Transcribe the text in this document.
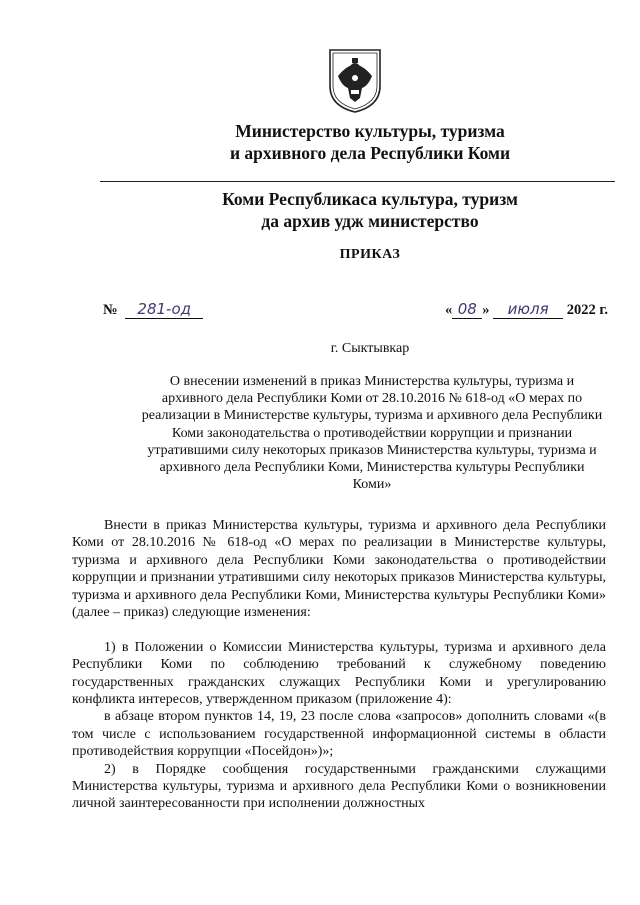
Министерство культуры, туризма
и архивного дела Республики Коми
Коми Республикаса культура, туризм
да архив удж министерство
ПРИКАЗ
№ 281-од	« 08 » июля 2022 г.
г. Сыктывкар
О внесении изменений в приказ Министерства культуры, туризма и
архивного дела Республики Коми от 28.10.2016 № 618-од «О мерах по
реализации в Министерстве культуры, туризма и архивного дела Республики
Коми законодательства о противодействии коррупции и признании
утратившими силу некоторых приказов Министерства культуры, туризма и
архивного дела Республики Коми, Министерства культуры Республики
Коми»

Внести в приказ Министерства культуры, туризма и архивного дела Республики Коми от 28.10.2016 № 618-од «О мерах по реализации в Министерстве культуры, туризма и архивного дела Республики Коми законодательства о противодействии коррупции и признании утратившими силу некоторых приказов Министерства культуры, туризма и архивного дела Республики Коми, Министерства культуры Республики Коми» (далее – приказ) следующие изменения:

1) в Положении о Комиссии Министерства культуры, туризма и архивного дела Республики Коми по соблюдению требований к служебному поведению государственных гражданских служащих Республики Коми и урегулированию конфликта интересов, утвержденном приказом (приложение 4):

в абзаце втором пунктов 14, 19, 23 после слова «запросов» дополнить словами «(в том числе с использованием государственной информационной системы в области противодействия коррупции «Посейдон»)»;

2) в Порядке сообщения государственными гражданскими служащими Министерства культуры, туризма и архивного дела Республики Коми о возникновении личной заинтересованности при исполнении должностных
